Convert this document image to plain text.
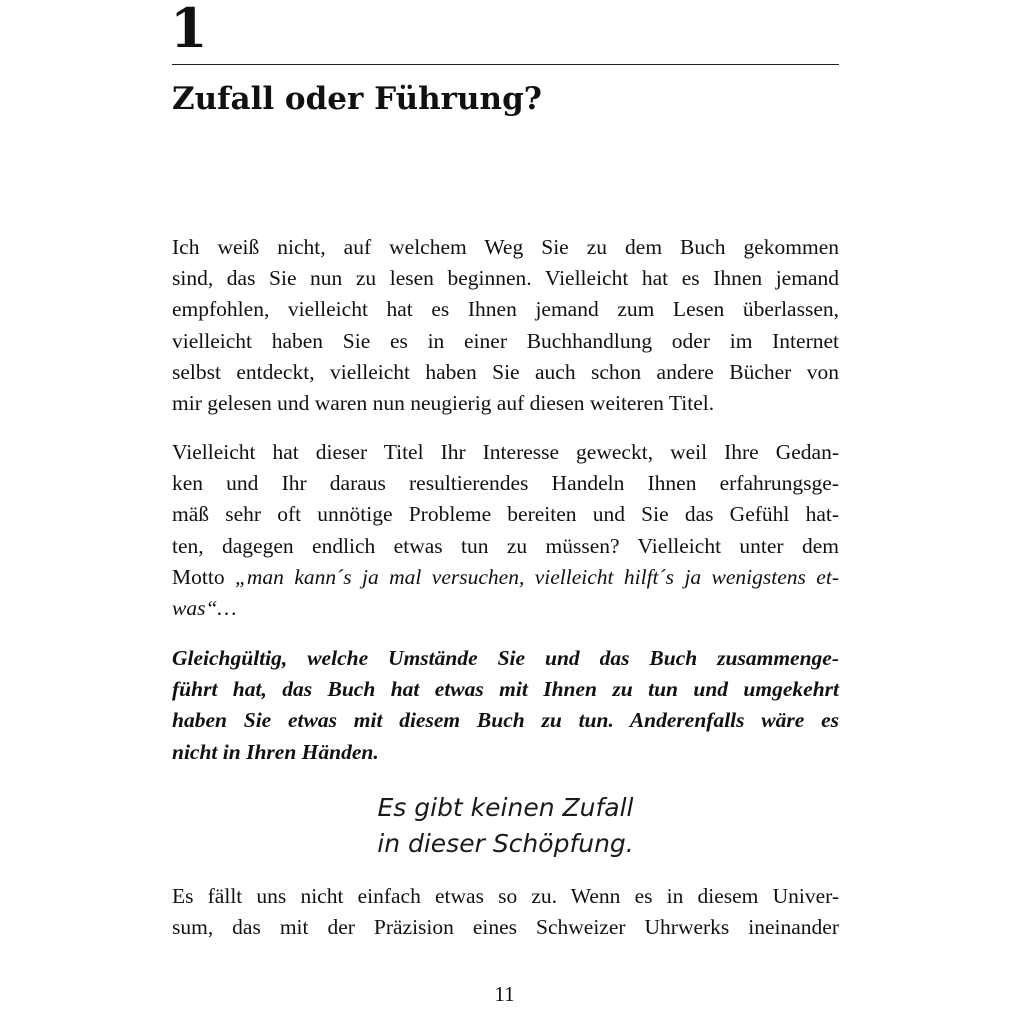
1
Zufall oder Führung?
Ich weiß nicht, auf welchem Weg Sie zu dem Buch gekommen
sind, das Sie nun zu lesen beginnen. Vielleicht hat es Ihnen jemand
empfohlen, vielleicht hat es Ihnen jemand zum Lesen überlassen,
vielleicht haben Sie es in einer Buchhandlung oder im Internet
selbst entdeckt, vielleicht haben Sie auch schon andere Bücher von
mir gelesen und waren nun neugierig auf diesen weiteren Titel.
Vielleicht hat dieser Titel Ihr Interesse geweckt, weil Ihre Gedan-
ken und Ihr daraus resultierendes Handeln Ihnen erfahrungsge-
mäß sehr oft unnötige Probleme bereiten und Sie das Gefühl hat-
ten, dagegen endlich etwas tun zu müssen? Vielleicht unter dem
Motto „man kann´s ja mal versuchen, vielleicht hilft´s ja wenigstens et-
was“…
Gleichgültig, welche Umstände Sie und das Buch zusammenge-
führt hat, das Buch hat etwas mit Ihnen zu tun und umgekehrt
haben Sie etwas mit diesem Buch zu tun. Anderenfalls wäre es
nicht in Ihren Händen.
Es gibt keinen Zufall
in dieser Schöpfung.
Es fällt uns nicht einfach etwas so zu. Wenn es in diesem Univer-
sum, das mit der Präzision eines Schweizer Uhrwerks ineinander
11
